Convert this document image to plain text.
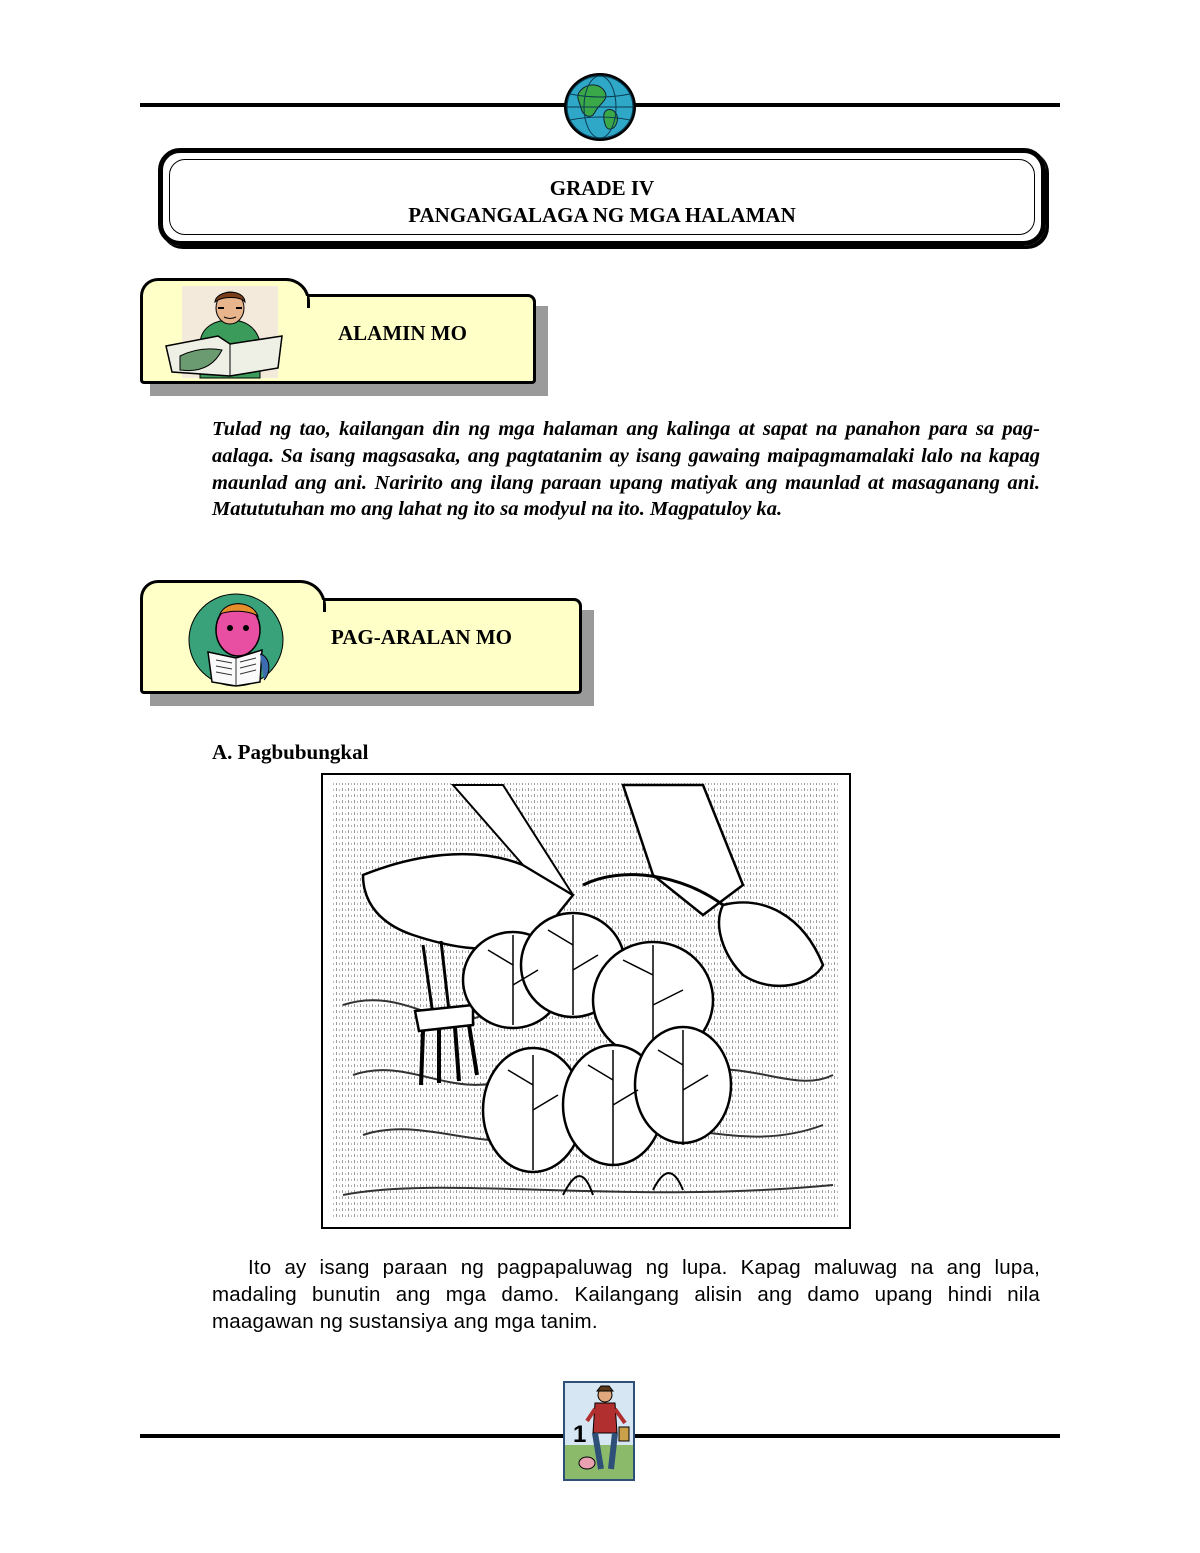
GRADE IV
PANGANGALAGA NG MGA HALAMAN
ALAMIN MO
Tulad ng tao, kailangan din ng mga halaman ang kalinga at sapat na panahon para sa pag-aalaga. Sa isang magsasaka, ang pagtatanim ay isang gawaing maipagmamalaki lalo na kapag maunlad ang ani. Naririto ang ilang paraan upang matiyak ang maunlad at masaganang ani. Matututuhan mo ang lahat ng ito sa modyul na ito. Magpatuloy ka.
PAG-ARALAN MO
A. Pagbubungkal
Ito ay isang paraan ng pagpapaluwag ng lupa. Kapag maluwag na ang lupa, madaling bunutin ang mga damo. Kailangang alisin ang damo upang hindi nila maagawan ng sustansiya ang mga tanim.
1
